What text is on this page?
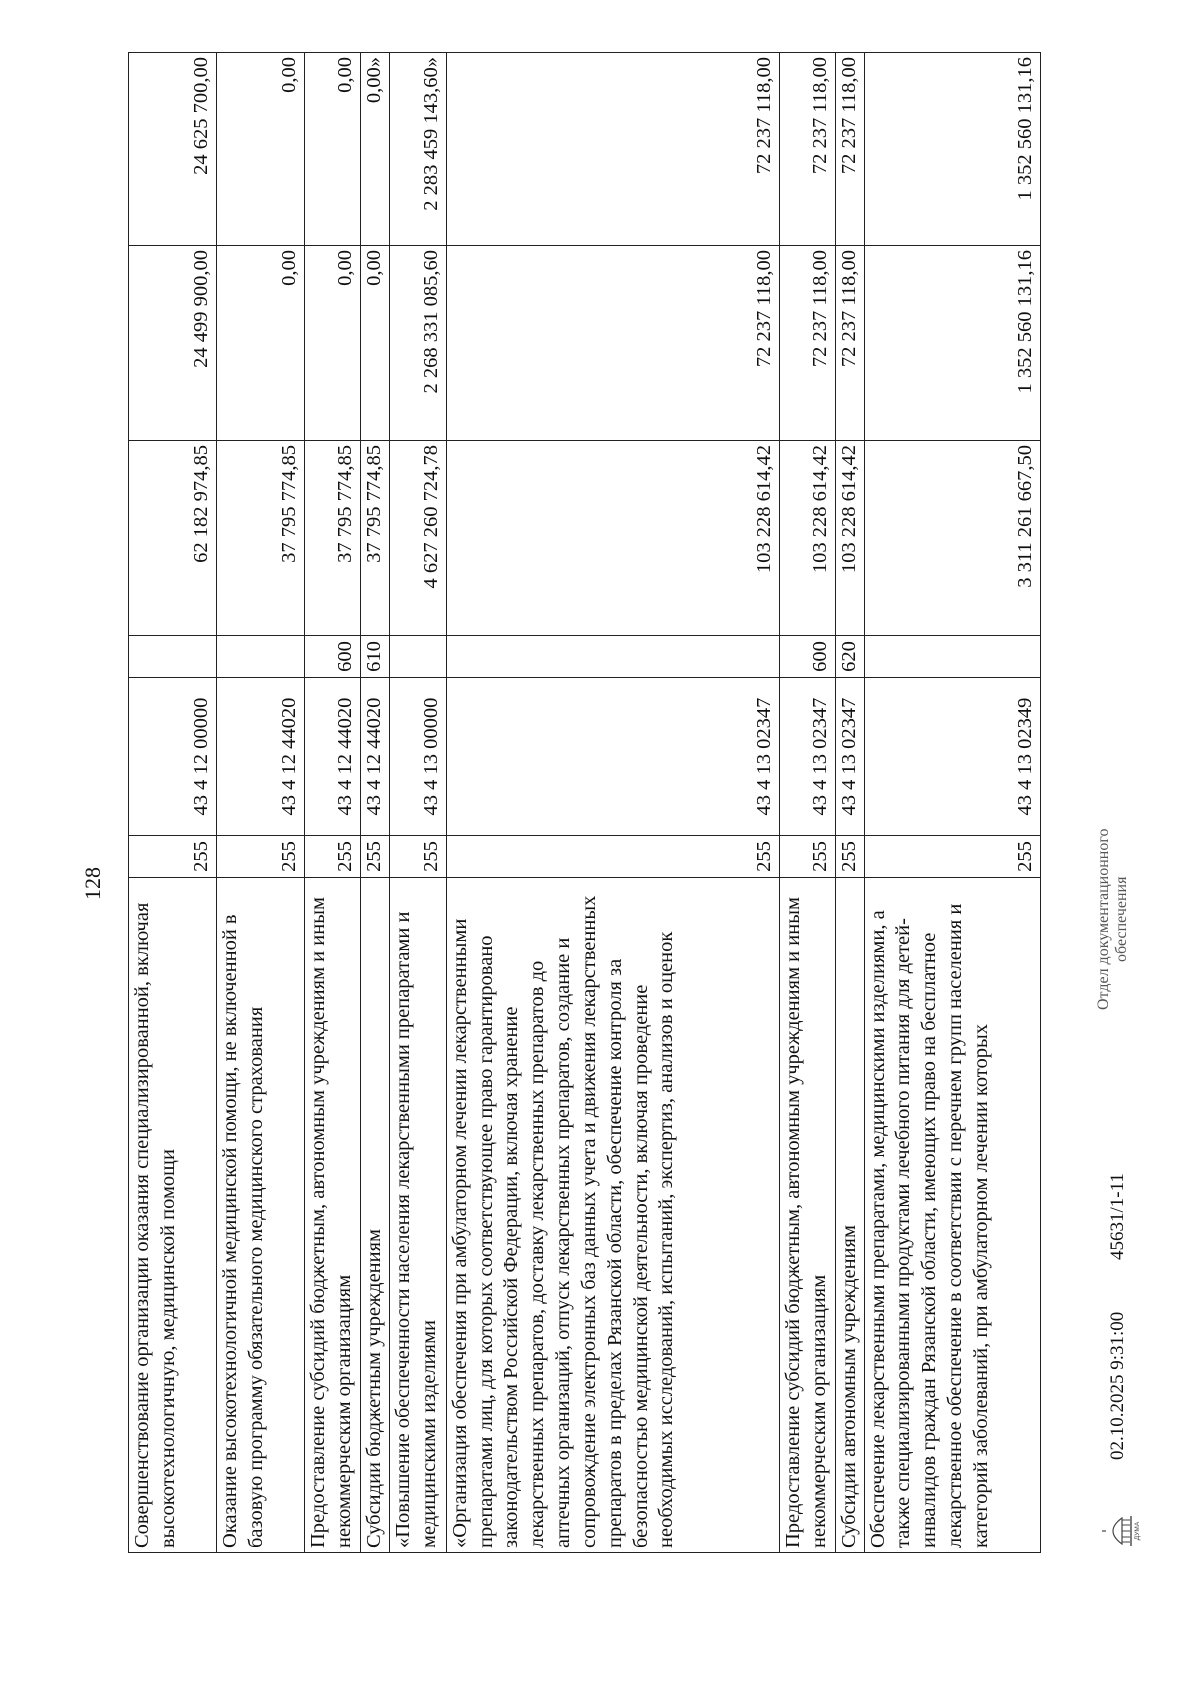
128
Совершенствование организации оказания специализированной, включая высокотехнологичную, медицинской помощи	255	43 4 12 00000		62 182 974,85	24 499 900,00	24 625 700,00
Оказание высокотехнологичной медицинской помощи, не включенной в базовую программу обязательного медицинского страхования	255	43 4 12 44020		37 795 774,85	0,00	0,00
Предоставление субсидий бюджетным, автономным учреждениям и иным некоммерческим организациям	255	43 4 12 44020	600	37 795 774,85	0,00	0,00
Субсидии бюджетным учреждениям	255	43 4 12 44020	610	37 795 774,85	0,00	0,00»
«Повышение обеспеченности населения лекарственными препаратами и медицинскими изделиями	255	43 4 13 00000		4 627 260 724,78	2 268 331 085,60	2 283 459 143,60»
«Организация обеспечения при амбулаторном лечении лекарственными препаратами лиц, для которых соответствующее право гарантировано законодательством Российской Федерации, включая хранение лекарственных препаратов, доставку лекарственных препаратов до аптечных организаций, отпуск лекарственных препаратов, создание и сопровождение электронных баз данных учета и движения лекарственных препаратов в пределах Рязанской области, обеспечение контроля за безопасностью медицинской деятельности, включая проведение необходимых исследований, испытаний, экспертиз, анализов и оценок	255	43 4 13 02347		103 228 614,42	72 237 118,00	72 237 118,00
Предоставление субсидий бюджетным, автономным учреждениям и иным некоммерческим организациям	255	43 4 13 02347	600	103 228 614,42	72 237 118,00	72 237 118,00
Субсидии автономным учреждениям	255	43 4 13 02347	620	103 228 614,42	72 237 118,00	72 237 118,00
Обеспечение лекарственными препаратами, медицинскими изделиями, а также специализированными продуктами лечебного питания для детей-инвалидов граждан Рязанской области, имеющих право на бесплатное лекарственное обеспечение в соответствии с перечнем групп населения и категорий заболеваний, при амбулаторном лечении которых	255	43 4 13 02349		3 311 261 667,50	1 352 560 131,16	1 352 560 131,16
ДУМА
02.10.2025 9:31:00
45631/1-11
Отдел документационного обеспечения
